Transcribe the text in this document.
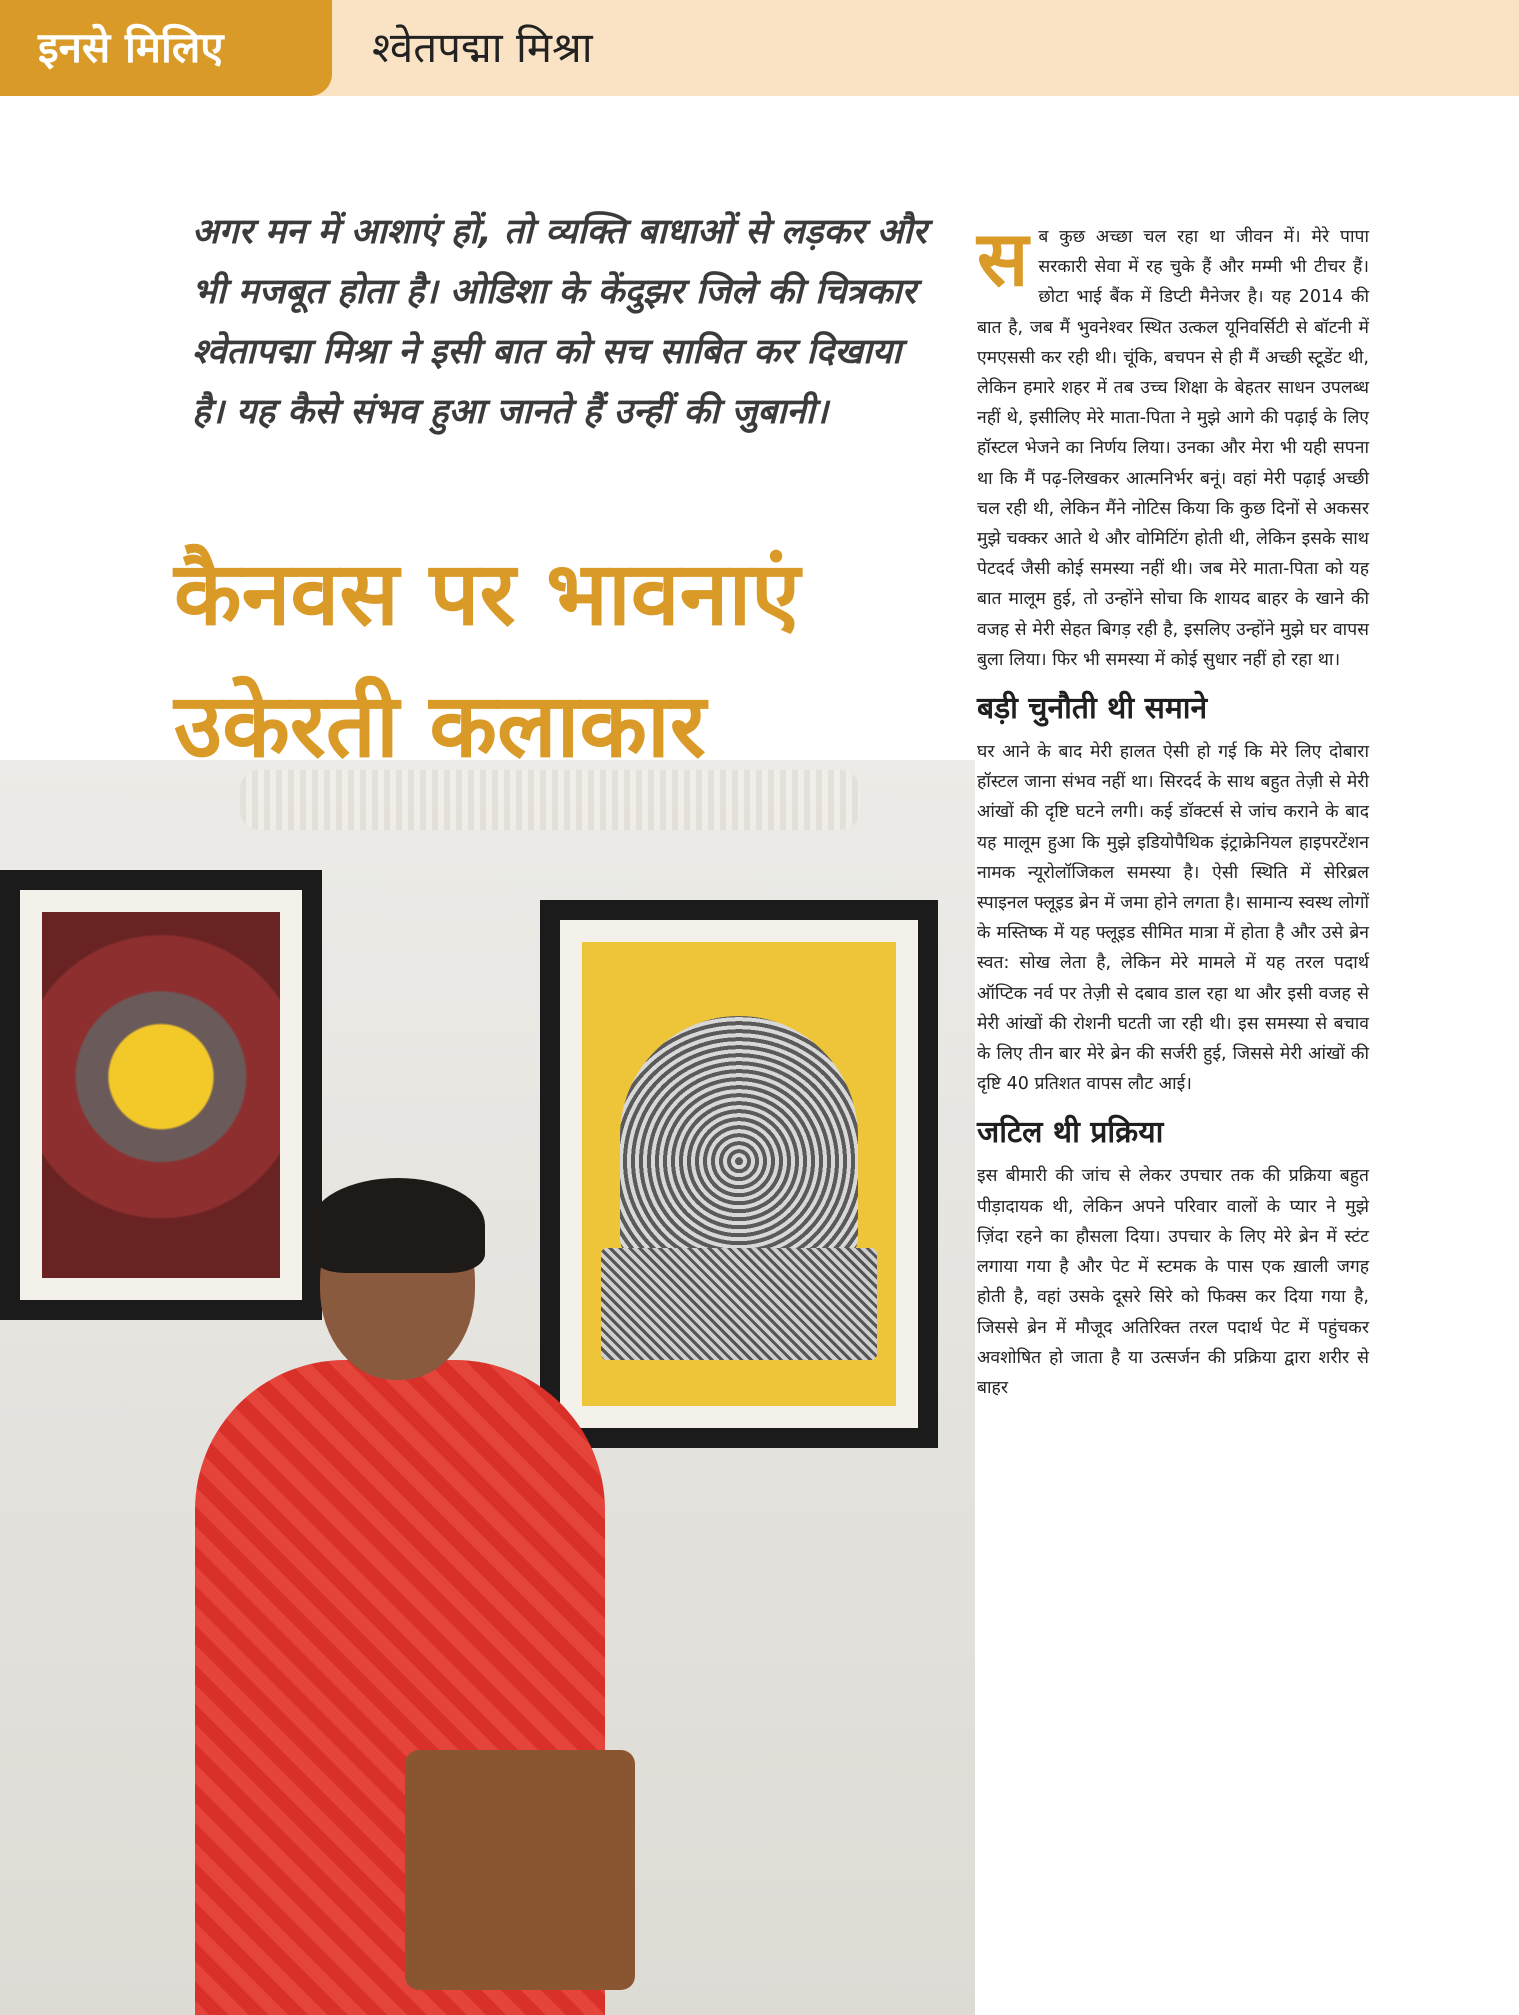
इनसे मिलिए	श्वेतपद्मा मिश्रा
अगर मन में आशाएं हों, तो व्यक्ति बाधाओं से लड़कर और भी मजबूत होता है। ओडिशा के केंदुझर जिले की चित्रकार श्वेतापद्मा मिश्रा ने इसी बात को सच साबित कर दिखाया है। यह कैसे संभव हुआ जानते हैं उन्हीं की जुबानी।
कैनवस पर भावनाएं उकेरती कलाकार

सब कुछ अच्छा चल रहा था जीवन में। मेरे पापा सरकारी सेवा में रह चुके हैं और मम्मी भी टीचर हैं। छोटा भाई बैंक में डिप्टी मैनेजर है। यह 2014 की बात है, जब मैं भुवनेश्वर स्थित उत्कल यूनिवर्सिटी से बॉटनी में एमएससी कर रही थी। चूंकि, बचपन से ही मैं अच्छी स्टूडेंट थी, लेकिन हमारे शहर में तब उच्च शिक्षा के बेहतर साधन उपलब्ध नहीं थे, इसीलिए मेरे माता-पिता ने मुझे आगे की पढ़ाई के लिए हॉस्टल भेजने का निर्णय लिया। उनका और मेरा भी यही सपना था कि मैं पढ़-लिखकर आत्मनिर्भर बनूं। वहां मेरी पढ़ाई अच्छी चल रही थी, लेकिन मैंने नोटिस किया कि कुछ दिनों से अकसर मुझे चक्कर आते थे और वोमिटिंग होती थी, लेकिन इसके साथ पेटदर्द जैसी कोई समस्या नहीं थी। जब मेरे माता-पिता को यह बात मालूम हुई, तो उन्होंने सोचा कि शायद बाहर के खाने की वजह से मेरी सेहत बिगड़ रही है, इसलिए उन्होंने मुझे घर वापस बुला लिया। फिर भी समस्या में कोई सुधार नहीं हो रहा था।

बड़ी चुनौती थी समाने

घर आने के बाद मेरी हालत ऐसी हो गई कि मेरे लिए दोबारा हॉस्टल जाना संभव नहीं था। सिरदर्द के साथ बहुत तेज़ी से मेरी आंखों की दृष्टि घटने लगी। कई डॉक्टर्स से जांच कराने के बाद यह मालूम हुआ कि मुझे इडियोपैथिक इंट्राक्रेनियल हाइपरटेंशन नामक न्यूरोलॉजिकल समस्या है। ऐसी स्थिति में सेरिब्रल स्पाइनल फ्लूइड ब्रेन में जमा होने लगता है। सामान्य स्वस्थ लोगों के मस्तिष्क में यह फ्लूइड सीमित मात्रा में होता है और उसे ब्रेन स्वत: सोख लेता है, लेकिन मेरे मामले में यह तरल पदार्थ ऑप्टिक नर्व पर तेज़ी से दबाव डाल रहा था और इसी वजह से मेरी आंखों की रोशनी घटती जा रही थी। इस समस्या से बचाव के लिए तीन बार मेरे ब्रेन की सर्जरी हुई, जिससे मेरी आंखों की दृष्टि 40 प्रतिशत वापस लौट आई।

जटिल थी प्रक्रिया

इस बीमारी की जांच से लेकर उपचार तक की प्रक्रिया बहुत पीड़ादायक थी, लेकिन अपने परिवार वालों के प्यार ने मुझे ज़िंदा रहने का हौसला दिया। उपचार के लिए मेरे ब्रेन में स्टंट लगाया गया है और पेट में स्टमक के पास एक ख़ाली जगह होती है, वहां उसके दूसरे सिरे को फिक्स कर दिया गया है, जिससे ब्रेन में मौजूद अतिरिक्त तरल पदार्थ पेट में पहुंचकर अवशोषित हो जाता है या उत्सर्जन की प्रक्रिया द्वारा शरीर से बाहर
